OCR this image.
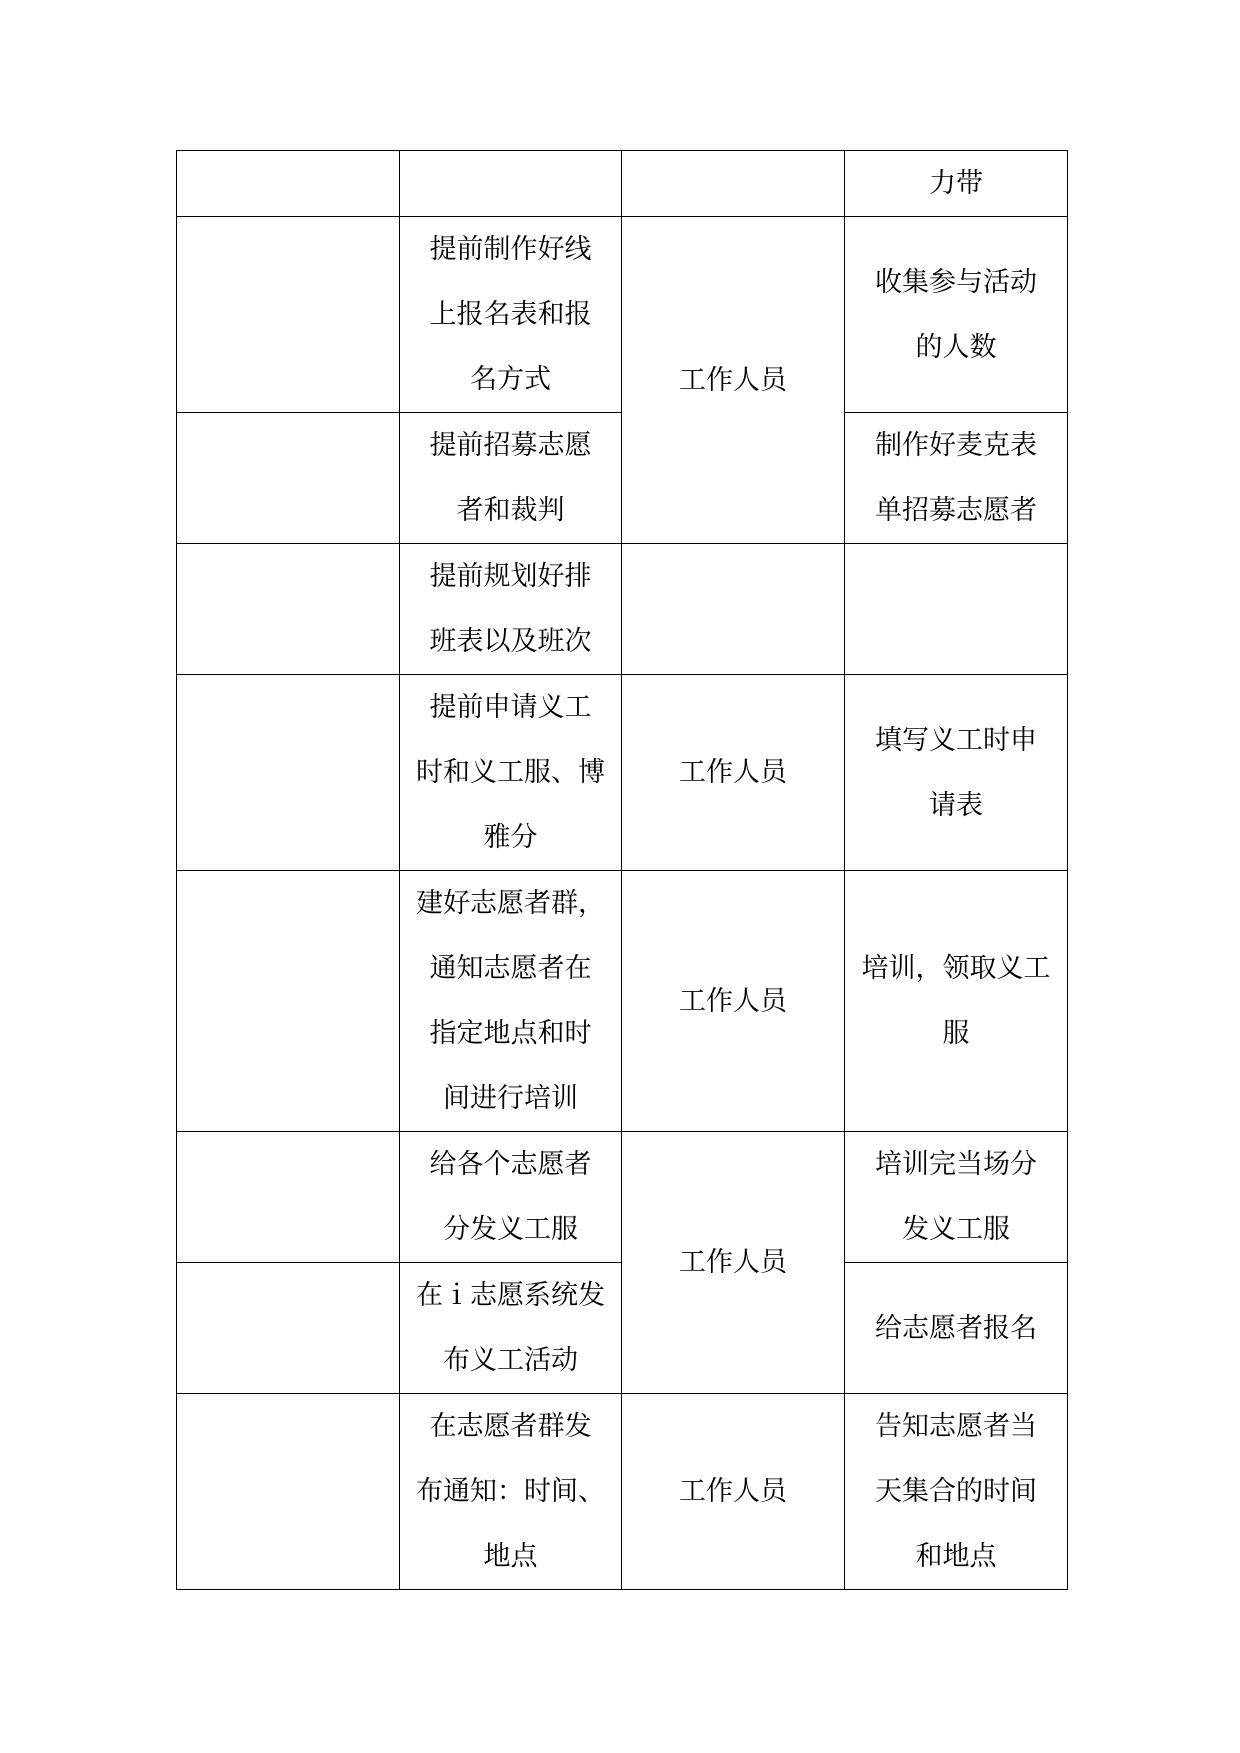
			力带
	提前制作好线
上报名表和报
名方式	工作人员	收集参与活动
的人数
	提前招募志愿
者和裁判		制作好麦克表
单招募志愿者
	提前规划好排
班表以及班次		
	提前申请义工
时和义工服、博
雅分	工作人员	填写义工时申
请表
	建好志愿者群，
通知志愿者在
指定地点和时
间进行培训	工作人员	培训，领取义工
服
	给各个志愿者
分发义工服	工作人员	培训完当场分
发义工服
	在ｉ志愿系统发
布义工活动		给志愿者报名
	在志愿者群发
布通知：时间、
地点	工作人员	告知志愿者当
天集合的时间
和地点
